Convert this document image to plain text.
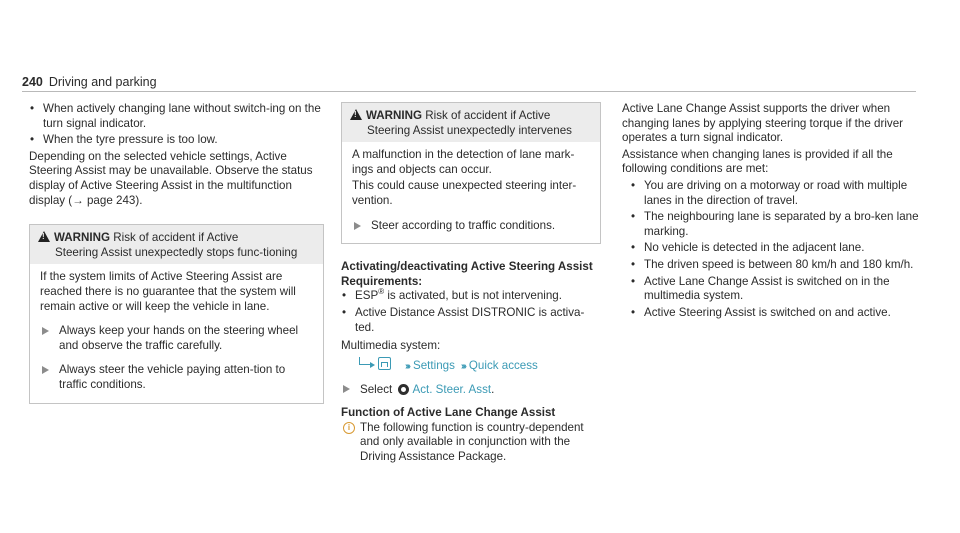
240 Driving and parking
• When actively changing lane without switch-ing on the turn signal indicator.
• When the tyre pressure is too low.

Depending on the selected vehicle settings, Active Steering Assist may be unavailable. Observe the status display of Active Steering Assist in the multifunction display (→ page 243).

!WARNING Risk of accident if Active
Steering Assist unexpectedly stops func-tioning

If the system limits of Active Steering Assist are reached there is no guarantee that the system will remain active or will keep the vehicle in lane.

Always keep your hands on the steering wheel and observe the traffic carefully.
Always steer the vehicle paying atten-tion to traffic conditions.
!WARNING Risk of accident if Active
Steering Assist unexpectedly intervenes

A malfunction in the detection of lane mark-ings and objects can occur.

This could cause unexpected steering inter-vention.

Steer according to traffic conditions.
Activating/deactivating Active Steering Assist
Requirements:
• ESP® is activated, but is not intervening.
• Active Distance Assist DISTRONIC is activa-ted.

Multimedia system:

››› Settings ››› Quick access
Select Act. Steer. Asst.
Function of Active Lane Change Assist
i The following function is country-dependent and only available in conjunction with the Driving Assistance Package.

Active Lane Change Assist supports the driver when changing lanes by applying steering torque if the driver operates a turn signal indicator.

Assistance when changing lanes is provided if all the following conditions are met:

• You are driving on a motorway or road with multiple lanes in the direction of travel.
• The neighbouring lane is separated by a bro-ken lane marking.
• No vehicle is detected in the adjacent lane.
• The driven speed is between 80 km/h and 180 km/h.
• Active Lane Change Assist is switched on in the multimedia system.
• Active Steering Assist is switched on and active.
